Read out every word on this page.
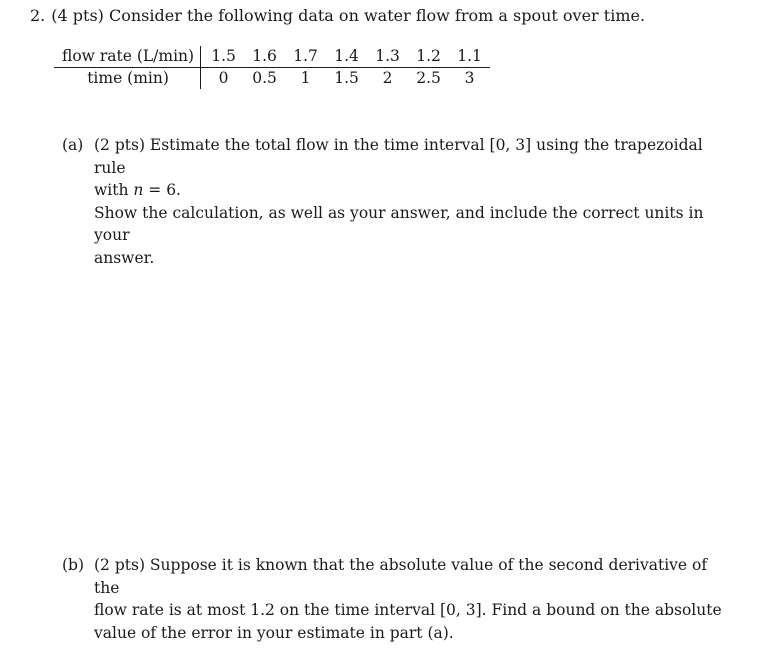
2. (4 pts) Consider the following data on water flow from a spout over time.
flow rate (L/min)	1.5	1.6	1.7	1.4	1.3	1.2	1.1
time (min)	0	0.5	1	1.5	2	2.5	3
(a) (2 pts) Estimate the total flow in the time interval [0, 3] using the trapezoidal rule
with n = 6.
Show the calculation, as well as your answer, and include the correct units in your
answer.
(b) (2 pts) Suppose it is known that the absolute value of the second derivative of the
flow rate is at most 1.2 on the time interval [0, 3]. Find a bound on the absolute
value of the error in your estimate in part (a).
